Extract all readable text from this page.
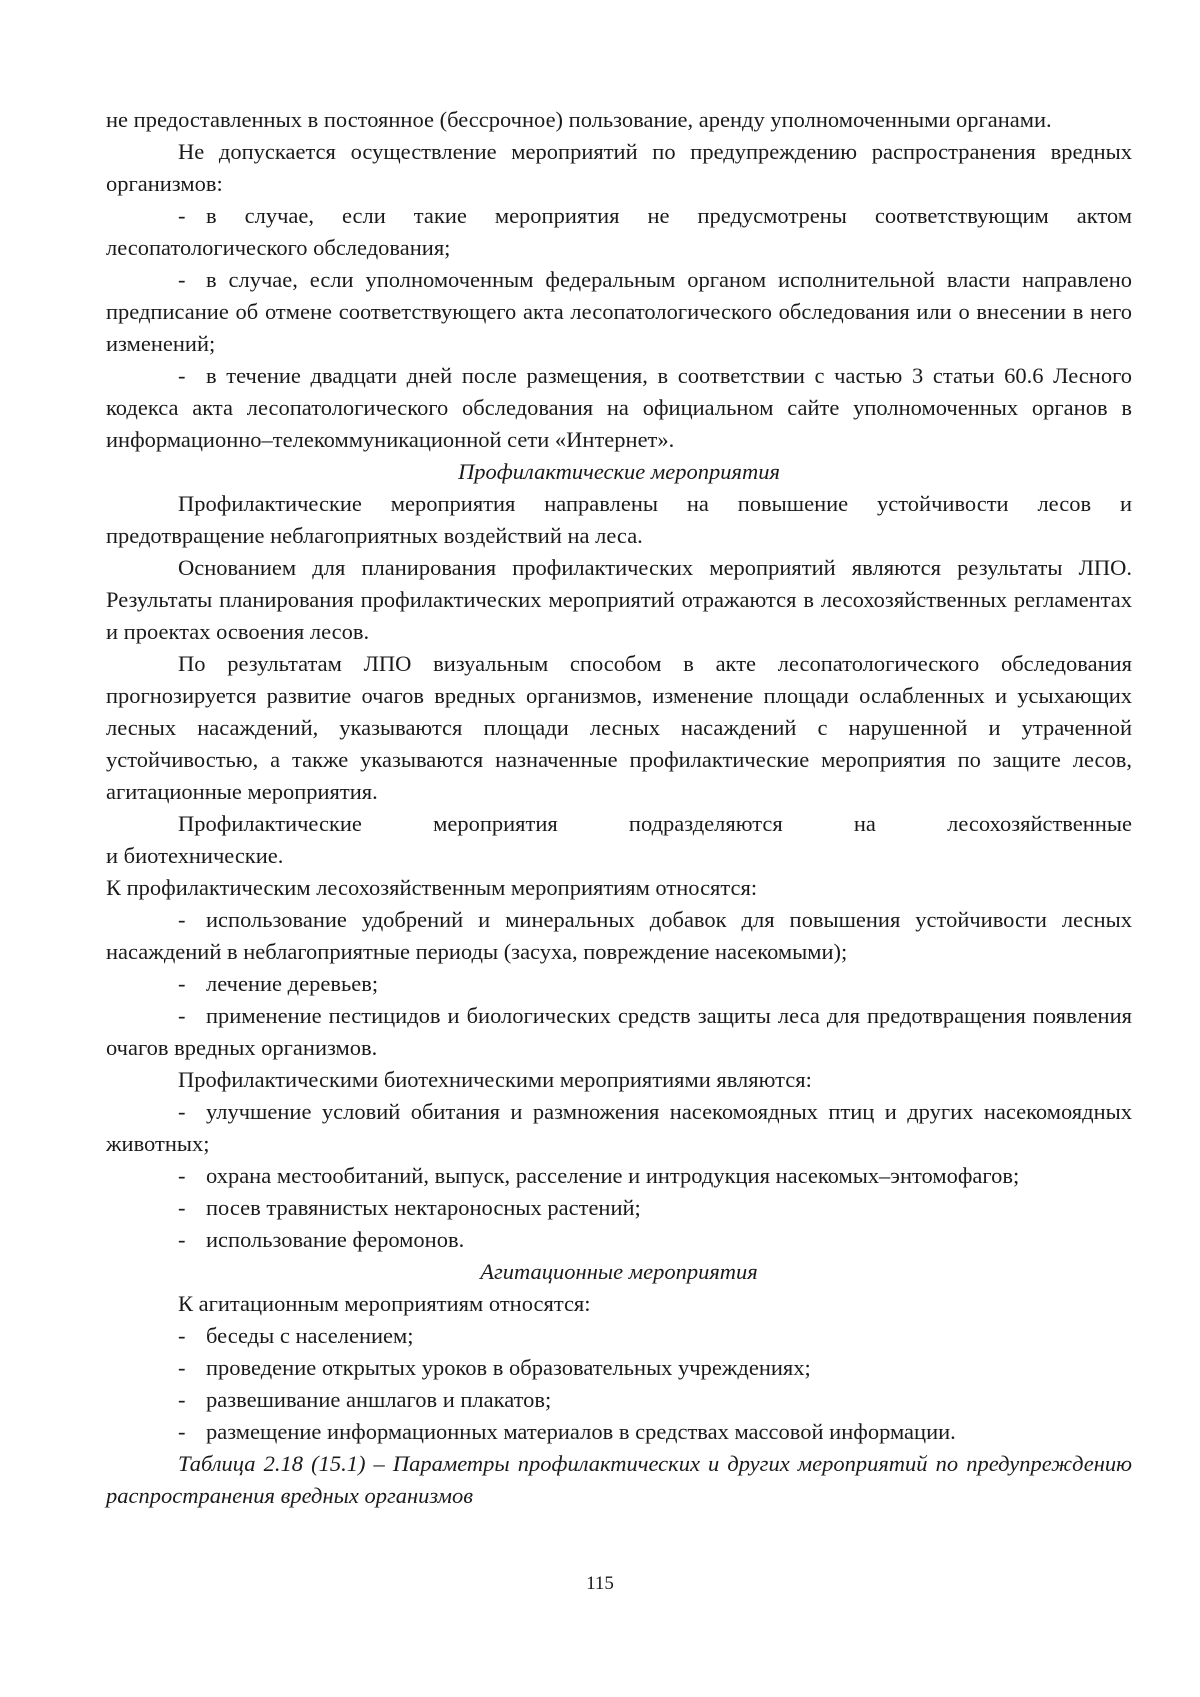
не предоставленных в постоянное (бессрочное) пользование, аренду уполномоченными органами.

Не допускается осуществление мероприятий по предупреждению распространения вредных организмов:

- в случае, если такие мероприятия не предусмотрены соответствующим актом лесопатологического обследования;

- в случае, если уполномоченным федеральным органом исполнительной власти направлено предписание об отмене соответствующего акта лесопатологического обследования или о внесении в него изменений;

- в течение двадцати дней после размещения, в соответствии с частью 3 статьи 60.6 Лесного кодекса акта лесопатологического обследования на официальном сайте уполномоченных органов в информационно–телекоммуникационной сети «Интернет».

Профилактические мероприятия

Профилактические мероприятия направлены на повышение устойчивости лесов и предотвращение неблагоприятных воздействий на леса.

Основанием для планирования профилактических мероприятий являются результаты ЛПО. Результаты планирования профилактических мероприятий отражаются в лесохозяйственных регламентах и проектах освоения лесов.

По результатам ЛПО визуальным способом в акте лесопатологического обследования прогнозируется развитие очагов вредных организмов, изменение площади ослабленных и усыхающих лесных насаждений, указываются площади лесных насаждений с нарушенной и утраченной устойчивостью, а также указываются назначенные профилактические мероприятия по защите лесов, агитационные мероприятия.

Профилактические	мероприятия	подразделяются	на	лесохозяйственные

и биотехнические.

К профилактическим лесохозяйственным мероприятиям относятся:

- использование удобрений и минеральных добавок для повышения устойчивости лесных насаждений в неблагоприятные периоды (засуха, повреждение насекомыми);

- лечение деревьев;

- применение пестицидов и биологических средств защиты леса для предотвращения появления очагов вредных организмов.

Профилактическими биотехническими мероприятиями являются:

- улучшение условий обитания и размножения насекомоядных птиц и других насекомоядных животных;

- охрана местообитаний, выпуск, расселение и интродукция насекомых–энтомофагов;

- посев травянистых нектароносных растений;

- использование феромонов.

Агитационные мероприятия

К агитационным мероприятиям относятся:

- беседы с населением;

- проведение открытых уроков в образовательных учреждениях;

- развешивание аншлагов и плакатов;

- размещение информационных материалов в средствах массовой информации.

Таблица 2.18 (15.1) – Параметры профилактических и других мероприятий по предупреждению распространения вредных организмов

115
